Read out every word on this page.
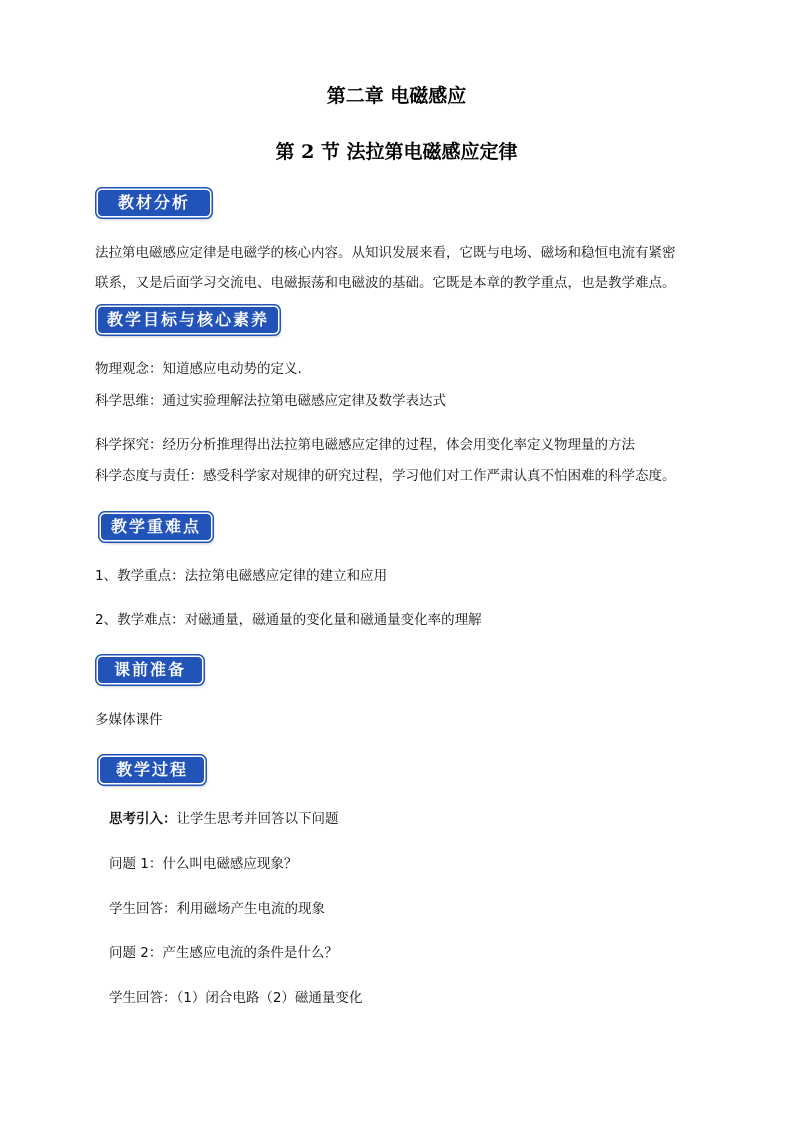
第二章 电磁感应
第 2 节 法拉第电磁感应定律
教材分析
法拉第电磁感应定律是电磁学的核心内容。从知识发展来看，它既与电场、磁场和稳恒电流有紧密
联系，又是后面学习交流电、电磁振荡和电磁波的基础。它既是本章的教学重点，也是教学难点。
教学目标与核心素养
物理观念：知道感应电动势的定义.
科学思维：通过实验理解法拉第电磁感应定律及数学表达式
科学探究：经历分析推理得出法拉第电磁感应定律的过程，体会用变化率定义物理量的方法
科学态度与责任：感受科学家对规律的研究过程，学习他们对工作严肃认真不怕困难的科学态度。
教学重难点
1、教学重点：法拉第电磁感应定律的建立和应用
2、教学难点：对磁通量，磁通量的变化量和磁通量变化率的理解
课前准备
多媒体课件
教学过程
思考引入：让学生思考并回答以下问题
问题 1：什么叫电磁感应现象？
学生回答：利用磁场产生电流的现象
问题 2：产生感应电流的条件是什么？
学生回答：（1）闭合电路（2）磁通量变化
